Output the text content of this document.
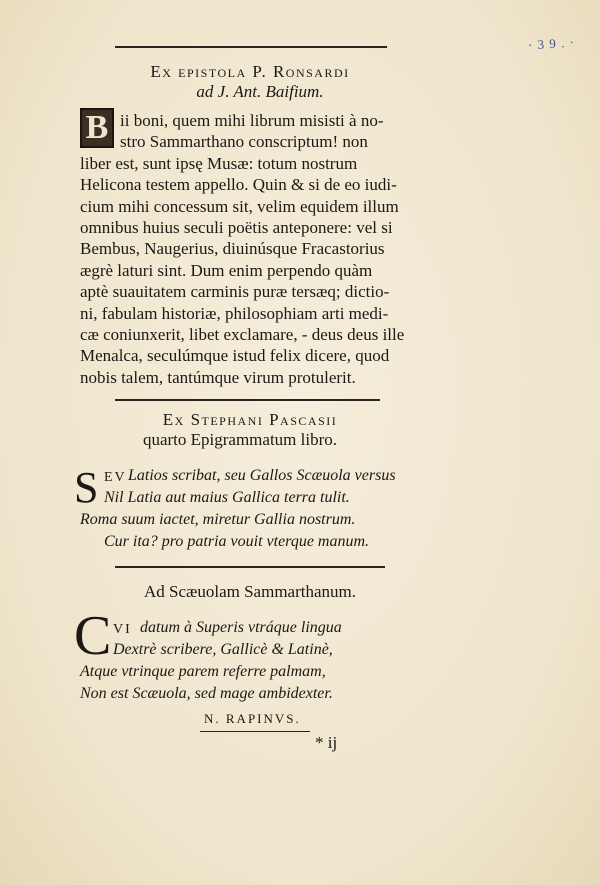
· 3 9 . ·
Ex epistola P. Ronsardi
ad J. Ant. Baifium.
B ii boni, quem mihi librum misisti à no-
stro Sammarthano conscriptum! non
liber est, sunt ipsę Musæ: totum nostrum
Helicona testem appello. Quin & si de eo iudi-
cium mihi concessum sit, velim equidem illum
omnibus huius seculi poëtis anteponere: vel si
Bembus, Naugerius, diuinúsque Fracastorius
ægrè laturi sint. Dum enim perpendo quàm
aptè suauitatem carminis puræ tersæq; dictio-
ni, fabulam historiæ, philosophiam arti medi-
cæ coniunxerit, libet exclamare, - deus deus ille
Menalca, seculúmque istud felix dicere, quod
nobis talem, tantúmque virum protulerit.
Ex Stephani Pascasii
quarto Epigrammatum libro.
S EV Latios scribat, seu Gallos Scæuola versus
Nil Latia aut maius Gallica terra tulit.
Roma suum iactet, miretur Gallia nostrum.
Cur ita? pro patria vouit vterque manum.
Ad Scæuolam Sammarthanum.
C VI datum à Superis vtráque lingua
Dextrè scribere, Gallicè & Latinè,
Atque vtrinque parem referre palmam,
Non est Scæuola, sed mage ambidexter.
N. RAPINVS.
* ij
